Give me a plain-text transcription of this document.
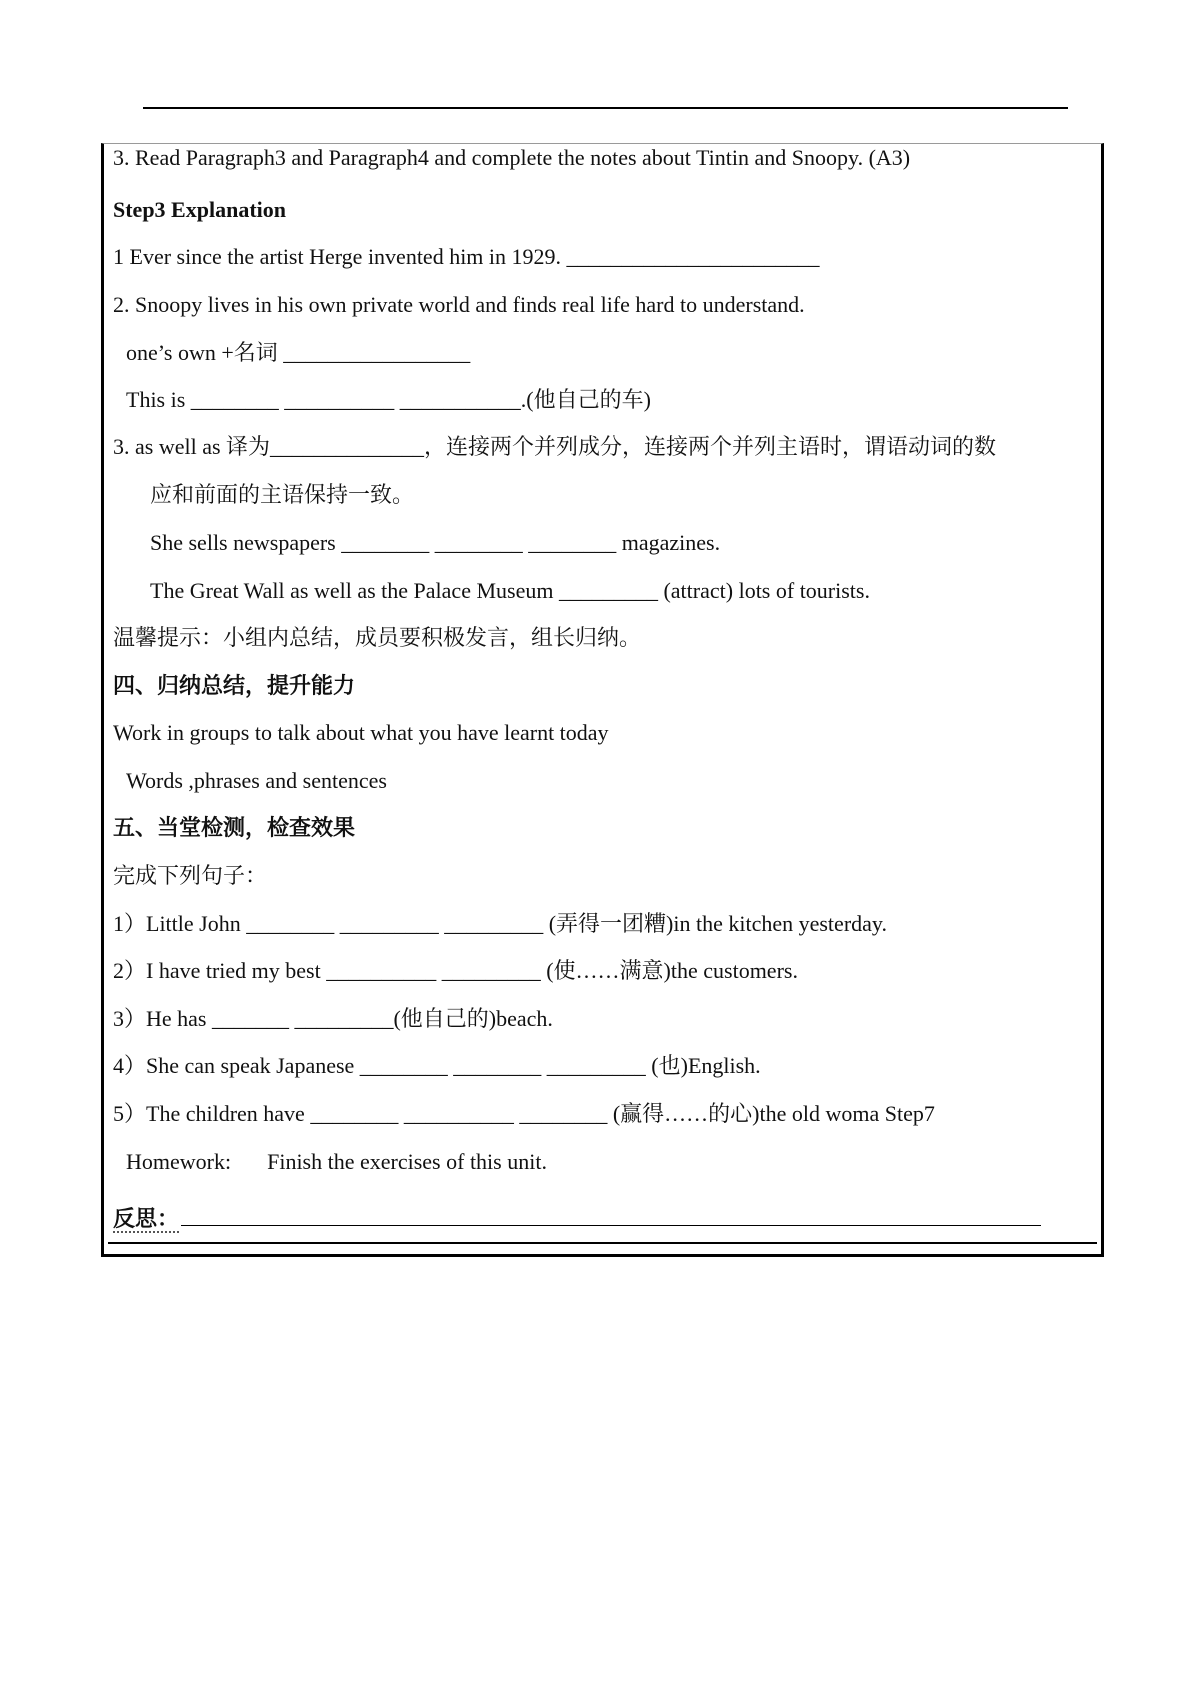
3. Read Paragraph3 and Paragraph4 and complete the notes about Tintin and Snoopy. (A3)
Step3 Explanation
1 Ever since the artist Herge invented him in 1929. _______________________
2. Snoopy lives in his own private world and finds real life hard to understand.
one’s own +名词 _________________
This is ________ __________ ___________.(他自己的车)
3. as well as 译为______________，连接两个并列成分，连接两个并列主语时，谓语动词的数
应和前面的主语保持一致。
She sells newspapers ________ ________ ________ magazines.
The Great Wall as well as the Palace Museum _________ (attract) lots of tourists.
温馨提示：小组内总结，成员要积极发言，组长归纳。
四、归纳总结，提升能力
Work in groups to talk about what you have learnt today
Words ,phrases and sentences
五、当堂检测，检查效果
完成下列句子：
1）Little John ________ _________ _________ (弄得一团糟)in the kitchen yesterday.
2）I have tried my best __________ _________ (使……满意)the customers.
3）He has _______ _________(他自己的)beach.
4）She can speak Japanese ________ ________ _________ (也)English.
5）The children have ________ __________ ________ (赢得……的心)the old woma Step7
Homework: Finish the exercises of this unit.
反思：
